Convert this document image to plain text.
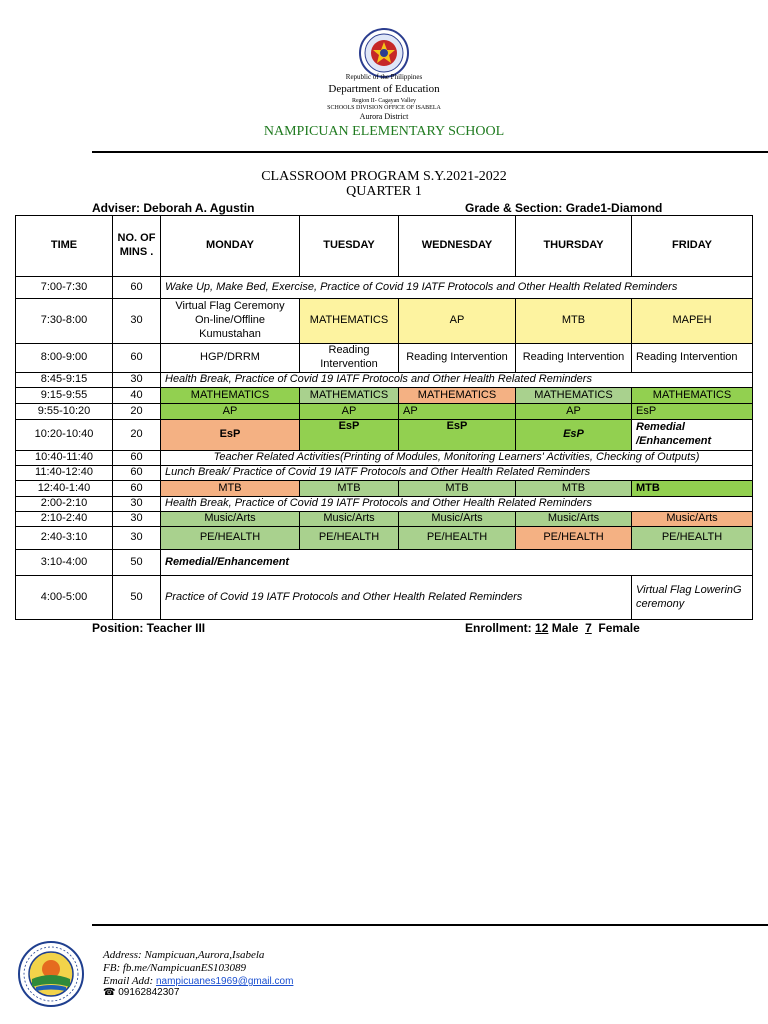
Republic of the Philippines
Department of Education
Region II- Cagayan Valley
SCHOOLS DIVISION OFFICE OF ISABELA
Aurora District
NAMPICUAN ELEMENTARY SCHOOL
CLASSROOM PROGRAM S.Y.2021-2022
QUARTER 1
Adviser: Deborah A. Agustin	Grade & Section: Grade1-Diamond
TIME	NO. OF MINS .	MONDAY	TUESDAY	WEDNESDAY	THURSDAY	FRIDAY
7:00-7:30	60	Wake Up, Make Bed, Exercise, Practice of Covid 19 IATF Protocols and Other Health Related Reminders				
7:30-8:00	30	Virtual Flag Ceremony On-line/Offline Kumustahan	MATHEMATICS	AP	MTB	MAPEH
8:00-9:00	60	HGP/DRRM	Reading Intervention	Reading Intervention	Reading Intervention	Reading Intervention
8:45-9:15	30	Health Break, Practice of Covid 19 IATF Protocols and Other Health Related Reminders				
9:15-9:55	40	MATHEMATICS	MATHEMATICS	MATHEMATICS	MATHEMATICS	MATHEMATICS
9:55-10:20	20	AP	AP	AP	AP	EsP
10:20-10:40	20	EsP	EsP	EsP	EsP	Remedial /Enhancement
10:40-11:40	60	Teacher Related Activities(Printing of Modules, Monitoring Learners' Activities, Checking of Outputs)				
11:40-12:40	60	Lunch Break/ Practice of Covid 19 IATF Protocols and Other Health Related Reminders				
12:40-1:40	60	MTB	MTB	MTB	MTB	MTB
2:00-2:10	30	Health Break, Practice of Covid 19 IATF Protocols and Other Health Related Reminders				
2:10-2:40	30	Music/Arts	Music/Arts	Music/Arts	Music/Arts	Music/Arts
2:40-3:10	30	PE/HEALTH	PE/HEALTH	PE/HEALTH	PE/HEALTH	PE/HEALTH
3:10-4:00	50	Remedial/Enhancement				
4:00-5:00	50	Practice of Covid 19 IATF Protocols and Other Health Related Reminders				Virtual Flag LowerinG ceremony
Position: Teacher III	Enrollment: 12 Male  7  Female
Address: Nampicuan,Aurora,Isabela
FB: fb.me/NampicuanES103089
Email Add: nampicuanes1969@gmail.com
☎ 09162842307
